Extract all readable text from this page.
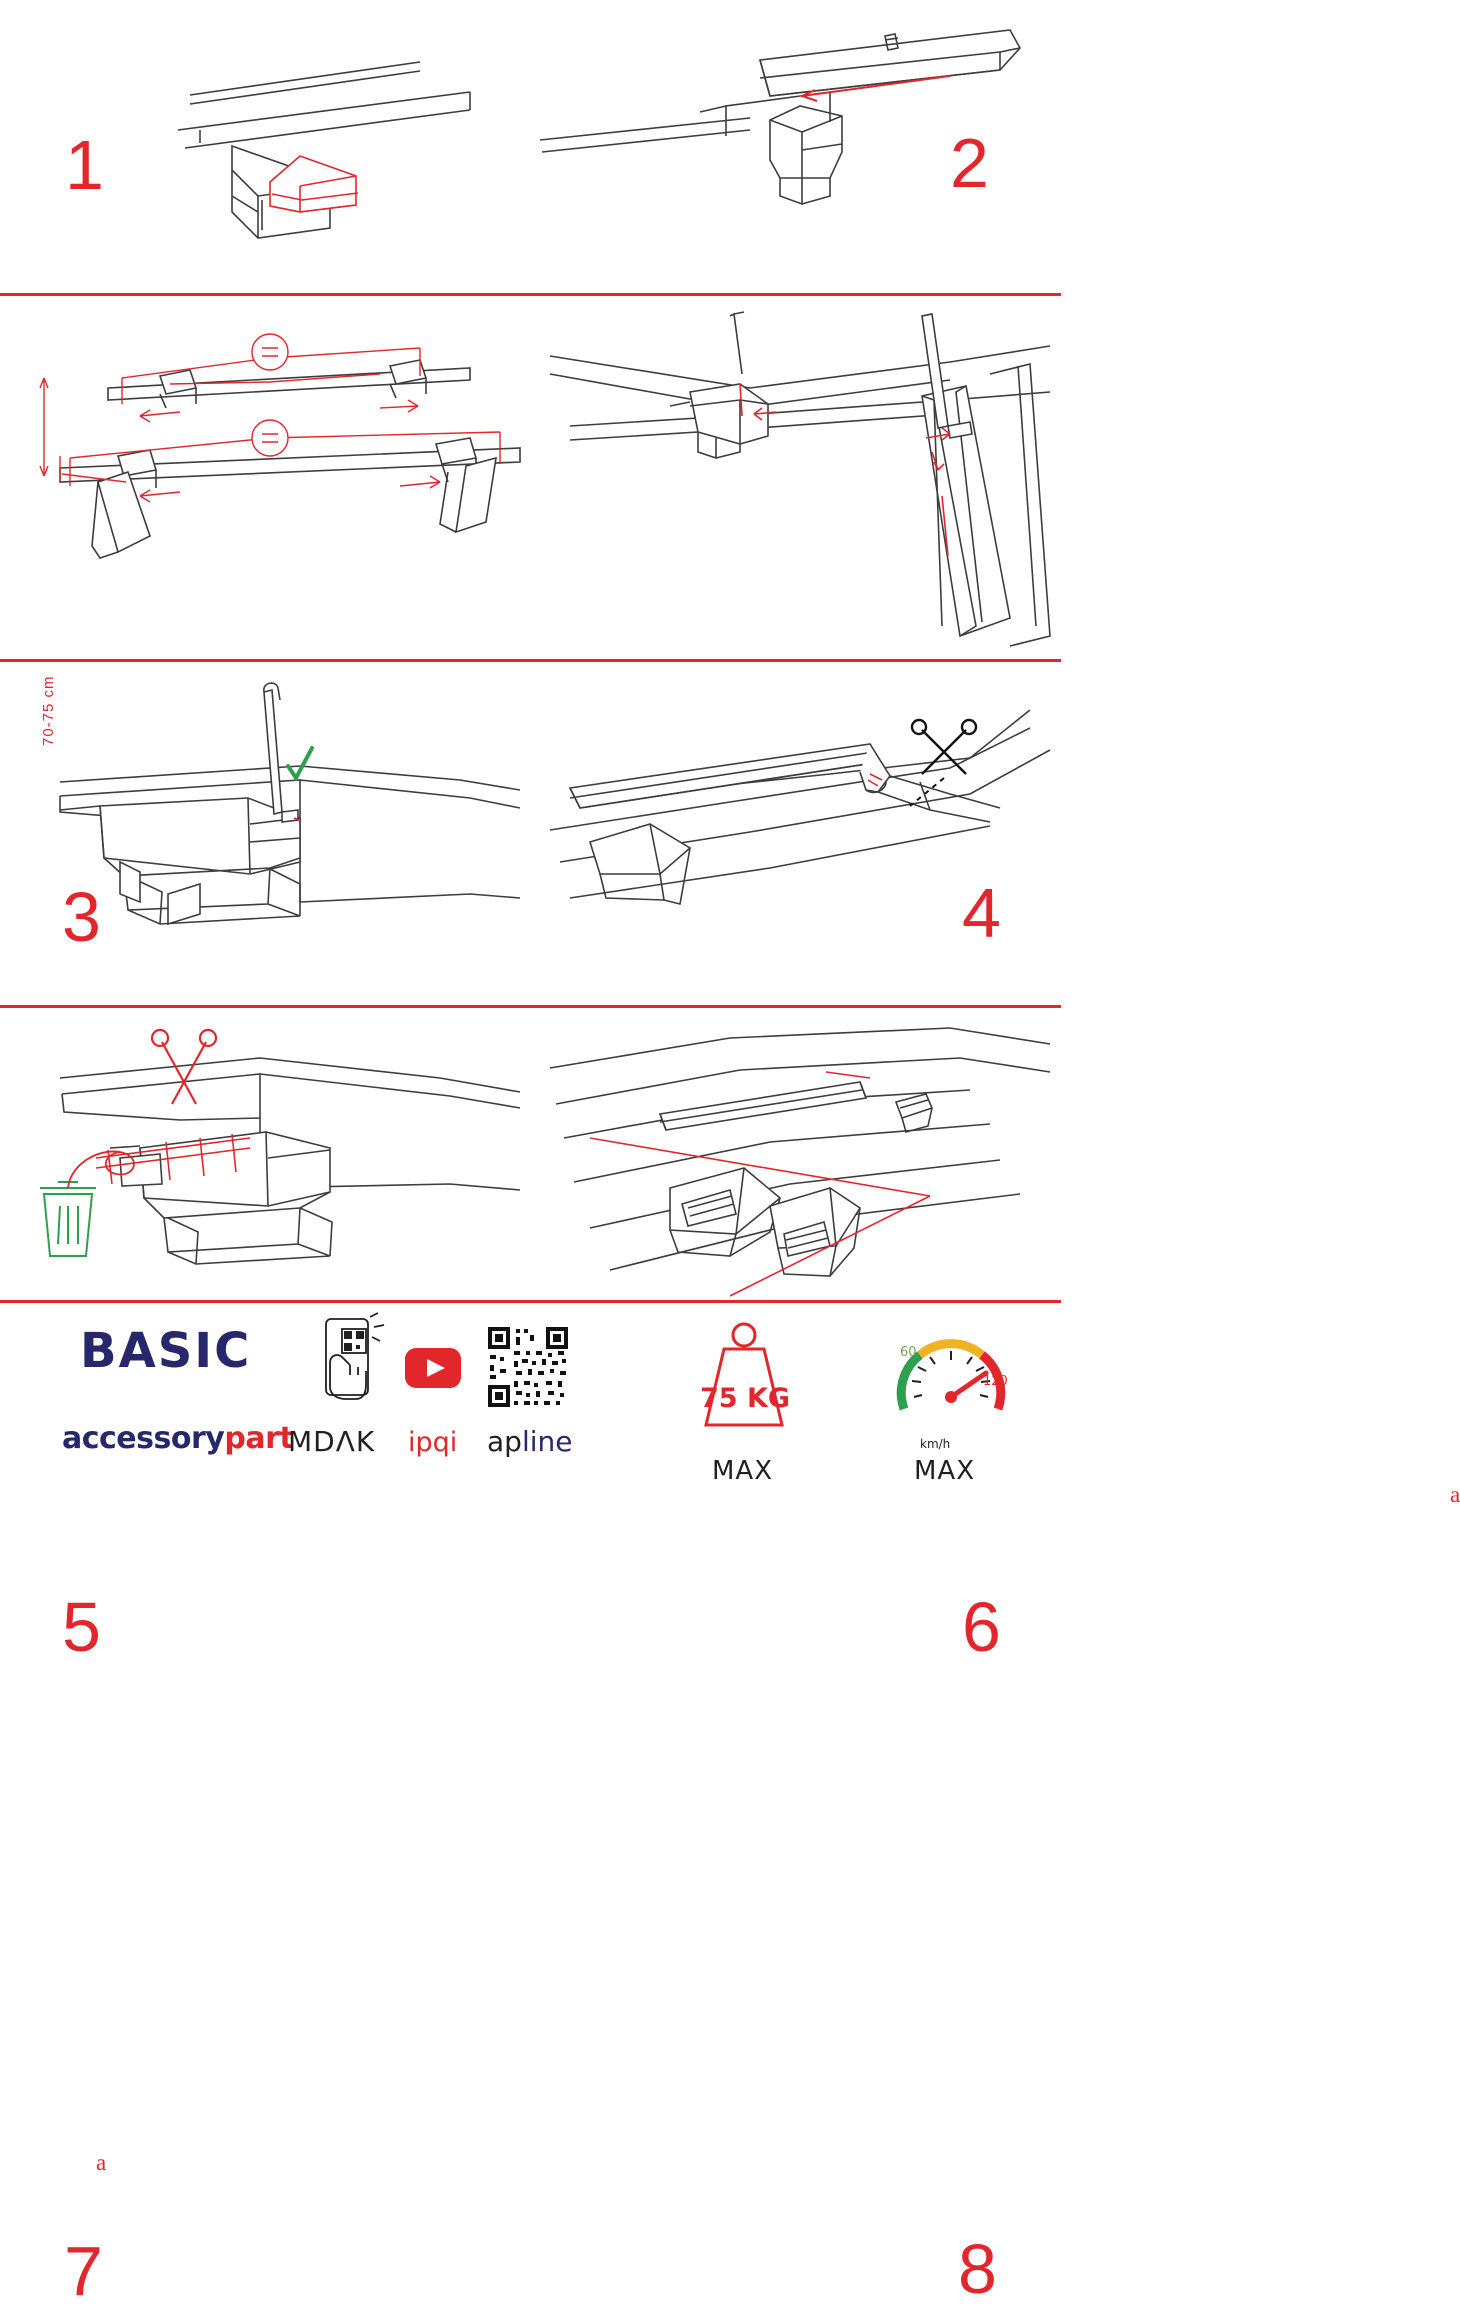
1	2
70-75 cm
3	4
5
a
6
a
7	8
BASIC
accessorypart
MDΛK ipqi apline
75 KG
MAX
60
120
km/h
MAX
